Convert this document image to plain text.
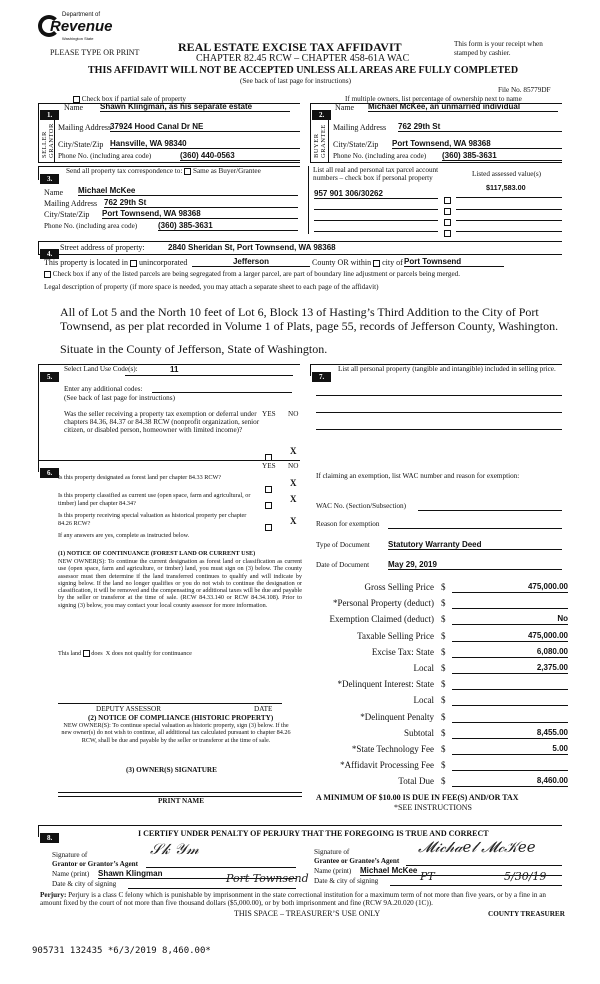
Department of
Revenue
Washington State
PLEASE TYPE OR PRINT	REAL ESTATE EXCISE TAX AFFIDAVIT
CHAPTER 82.45 RCW – CHAPTER 458-61A WAC
This form is your receipt when stamped by cashier.
THIS AFFIDAVIT WILL NOT BE ACCEPTED UNLESS ALL AREAS ARE FULLY COMPLETED
(See back of last page for instructions)
File No. 85779DF
Check box if partial sale of property	If multiple owners, list percentage of ownership next to name
1.
SELLER GRANTOR
Name Shawn Klingman, as his separate estate
Mailing Address
37924 Hood Canal Dr NE
City/State/Zip Hansville, WA 98340
Phone No. (including area code)	(360) 440-0563
2.
BUYER GRANTEE
Name Michael McKee, an unmarried individual
Mailing Address 762 29th St
City/State/Zip Port Townsend, WA 98368
Phone No. (including area code) (360) 385-3631
3.
Send all property tax correspondence to: Same as Buyer/Grantee
Name Michael McKee
Mailing Address 762 29th St
City/State/Zip Port Townsend, WA 98368
Phone No. (including area code)	(360) 385-3631
List all real and personal tax parcel account numbers – check box if personal property	Listed assessed value(s)
$117,583.00
957 901 306/30262
4.
Street address of property:	2840 Sheridan St, Port Townsend, WA 98368
This property is located in unincorporated	Jefferson	County OR within city of Port Townsend
Check box if any of the listed parcels are being segregated from a larger parcel, are part of boundary line adjustment or parcels being merged.
Legal description of property (if more space is needed, you may attach a separate sheet to each page of the affidavit)
All of Lot 5 and the North 10 feet of Lot 6, Block 13 of Hasting’s Third Addition to the City of Port Townsend, as per plat recorded in Volume 1 of Plats, page 55, records of Jefferson County, Washington.
Situate in the County of Jefferson, State of Washington.
5.
Select Land Use Code(s):	11
Enter any additional codes:
(See back of last page for instructions)
Was the seller receiving a property tax exemption or deferral under chapters 84.36, 84.37 or 84.38 RCW (nonprofit organization, senior citizen, or disabled person, homeowner with limited income)?
YES NO
X
6.
YES NO
Is this property designated as forest land per chapter 84.33 RCW?
X
Is this property classified as current use (open space, farm and agricultural, or timber) land per chapter 84.34?	X
Is this property receiving special valuation as historical property per chapter 84.26 RCW?	X
If any answers are yes, complete as instructed below.
(1) NOTICE OF CONTINUANCE (FOREST LAND OR CURRENT USE)
NEW OWNER(S): To continue the current designation as forest land or classification as current use (open space, farm and agriculture, or timber) land, you must sign on (3) below. The county assessor must then determine if the land transferred continues to qualify and will indicate by signing below. If the land no longer qualifies or you do not wish to continue the designation or classification, it will be removed and the compensating or additional taxes will be due and payable by the seller or transferor at the time of sale. (RCW 84.33.140 or RCW 84.34.108). Prior to signing (3) below, you may contact your local county assessor for more information.
This land does X does not qualify for continuance
DEPUTY ASSESSOR	DATE
(2) NOTICE OF COMPLIANCE (HISTORIC PROPERTY)
NEW OWNER(S): To continue special valuation as historic property, sign (3) below. If the new owner(s) do not wish to continue, all additional tax calculated pursuant to chapter 84.26 RCW, shall be due and payable by the seller or transferor at the time of sale.
(3) OWNER(S) SIGNATURE
PRINT NAME
7.
List all personal property (tangible and intangible) included in selling price.
If claiming an exemption, list WAC number and reason for exemption:
WAC No. (Section/Subsection)
Reason for exemption
Type of Document Statutory Warranty Deed
Date of Document May 29, 2019
Gross Selling Price $	475,000.00
*Personal Property (deduct) $
Exemption Claimed (deduct) $	No
Taxable Selling Price $	475,000.00
Excise Tax: State $	6,080.00
Local $	2,375.00
*Delinquent Interest: State $
Local $
*Delinquent Penalty $
Subtotal $	8,455.00
*State Technology Fee $	5.00
*Affidavit Processing Fee $
Total Due $	8,460.00
A MINIMUM OF $10.00 IS DUE IN FEE(S) AND/OR TAX
*SEE INSTRUCTIONS
8.	I CERTIFY UNDER PENALTY OF PERJURY THAT THE FOREGOING IS TRUE AND CORRECT
Signature of
Grantor or Grantor’s Agent
𝒮𝓀 𝒴𝓂
Name (print) Shawn Klingman
Date & city of signing	Port Townsend
Signature of
Grantee or Grantee’s Agent
𝓜𝒾𝒸𝒽𝒶𝑒𝓁 𝓜𝒸𝒦𝑒𝑒
Name (print) Michael McKee
Date & city of signing	PT	5/30/19
Perjury: Perjury is a class C felony which is punishable by imprisonment in the state correctional institution for a maximum term of not more than five years, or by a fine in an amount fixed by the court of not more than five thousand dollars ($5,000.00), or by both imprisonment and fine (RCW 9A.20.020 (1C)).
THIS SPACE – TREASURER’S USE ONLY	COUNTY TREASURER
905731 132435 *6/3/2019 8,460.00*
